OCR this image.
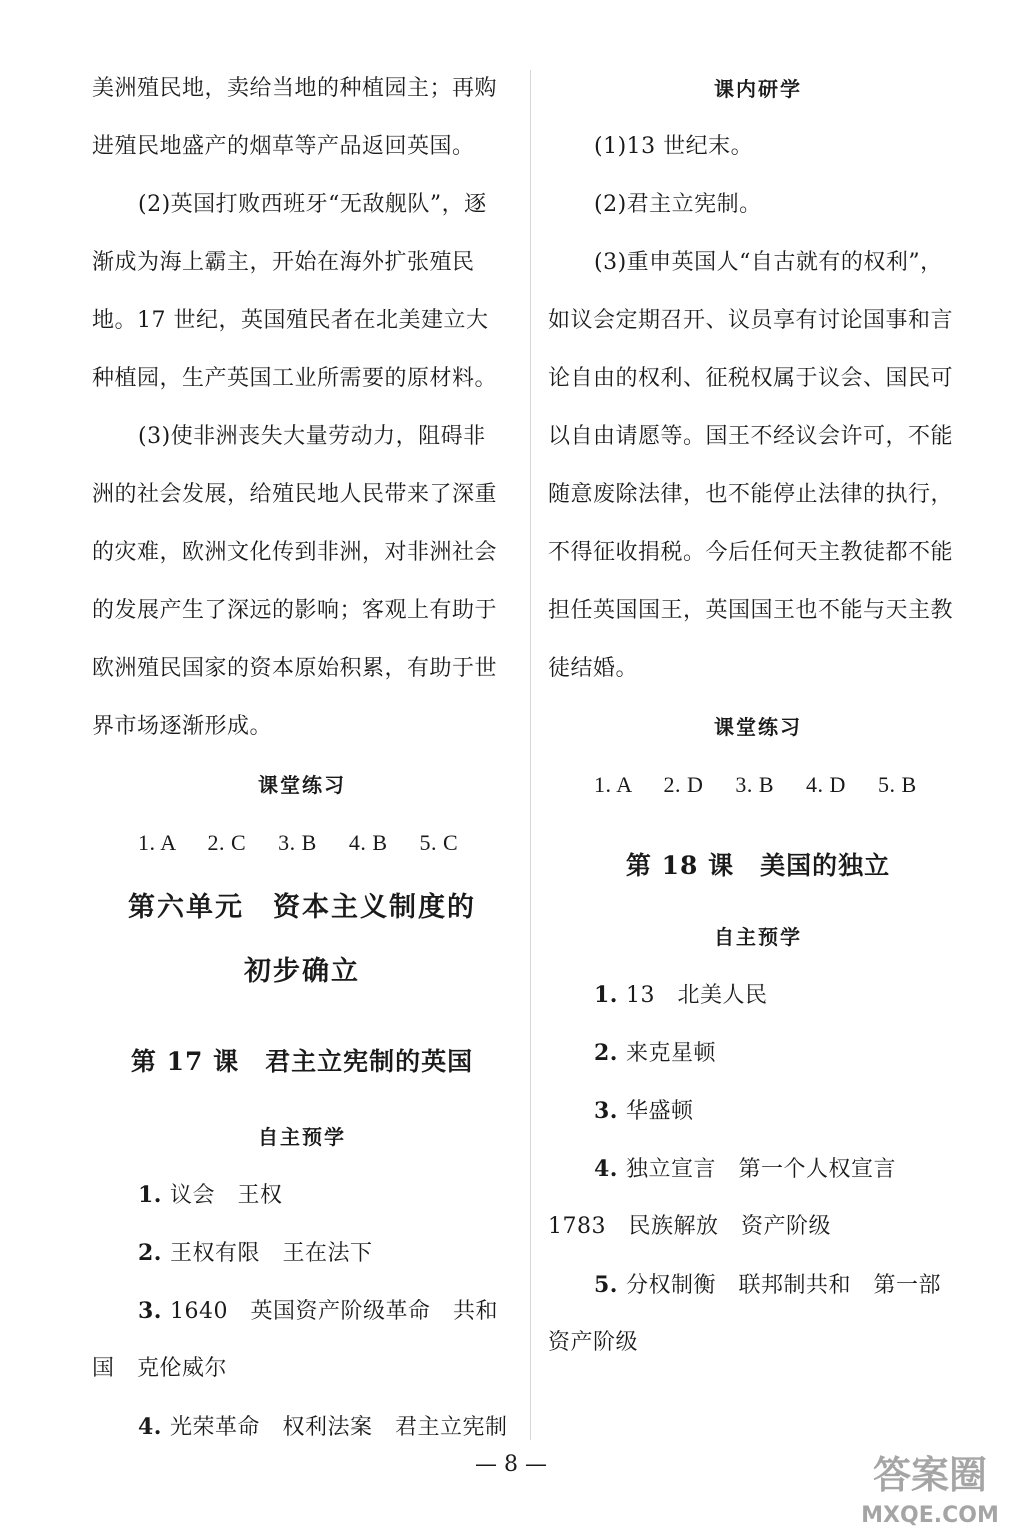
美洲殖民地，卖给当地的种植园主；再购
进殖民地盛产的烟草等产品返回英国。
(2)英国打败西班牙“无敌舰队”，逐
渐成为海上霸主，开始在海外扩张殖民
地。17 世纪，英国殖民者在北美建立大
种植园，生产英国工业所需要的原材料。
(3)使非洲丧失大量劳动力，阻碍非
洲的社会发展，给殖民地人民带来了深重
的灾难，欧洲文化传到非洲，对非洲社会
的发展产生了深远的影响；客观上有助于
欧洲殖民国家的资本原始积累，有助于世
界市场逐渐形成。
课堂练习
1. A 2. C 3. B 4. B 5. C
第六单元　资本主义制度的
初步确立
第 17 课　君主立宪制的英国
自主预学
1. 议会　王权
2. 王权有限　王在法下
3. 1640　英国资产阶级革命　共和
国　克伦威尔
4. 光荣革命　权利法案　君主立宪制
课内研学
(1)13 世纪末。
(2)君主立宪制。
(3)重申英国人“自古就有的权利”，
如议会定期召开、议员享有讨论国事和言
论自由的权利、征税权属于议会、国民可
以自由请愿等。国王不经议会许可，不能
随意废除法律，也不能停止法律的执行，
不得征收捐税。今后任何天主教徒都不能
担任英国国王，英国国王也不能与天主教
徒结婚。
课堂练习
1. A 2. D 3. B 4. D 5. B
第 18 课　美国的独立
自主预学
1. 13　北美人民
2. 来克星顿
3. 华盛顿
4. 独立宣言　第一个人权宣言
1783　民族解放　资产阶级
5. 分权制衡　联邦制共和　第一部
资产阶级
— 8 —	答案圈
MXQE.COM
